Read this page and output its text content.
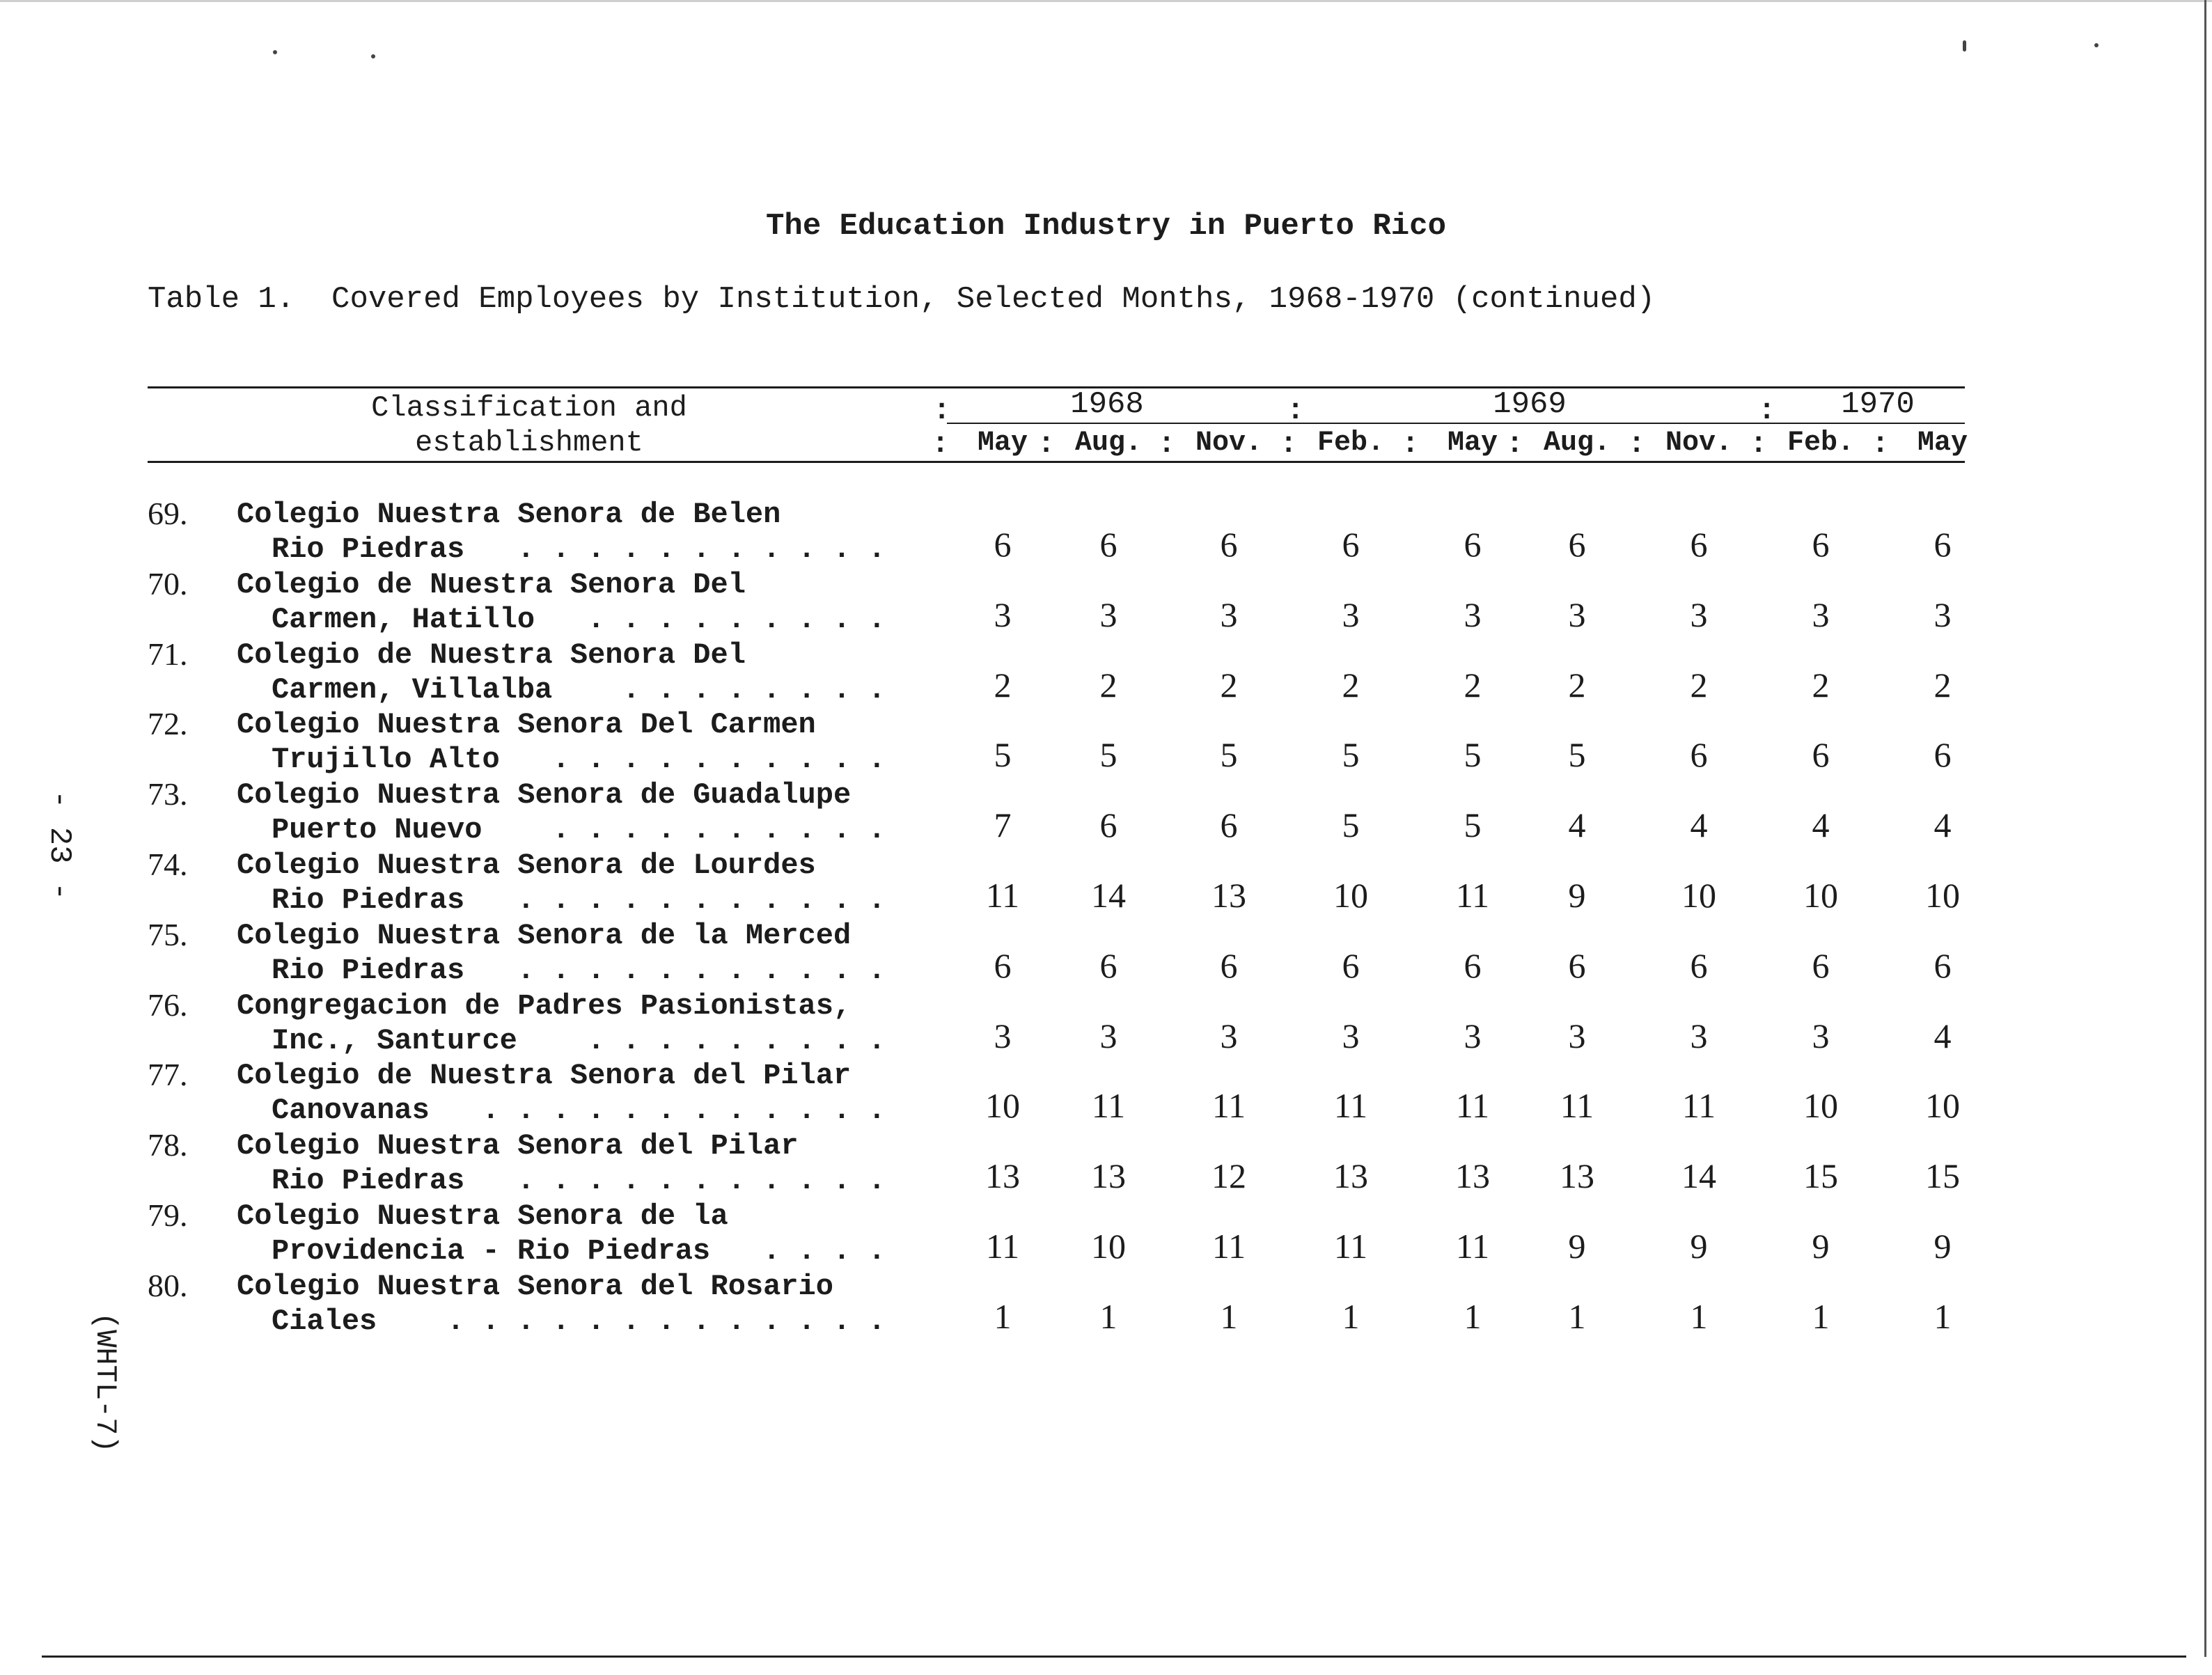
The Education Industry in Puerto Rico
Table 1.  Covered Employees by Institution, Selected Months, 1968-1970 (continued)
Classification and
establishment
:	:	:
1968	1969	1970
:	May : Aug. : Nov. : Feb. :	May : Aug. : Nov. : Feb. :	May
69. Colegio Nuestra Senora de Belen
Rio Piedras . . . . . . . . . . .	6	6	6	6	6	6	6	6	6
70. Colegio de Nuestra Senora Del
Carmen, Hatillo . . . . . . . . .	3	3	3	3	3	3	3	3	3
71. Colegio de Nuestra Senora Del
Carmen, Villalba . . . . . . . .	2	2	2	2	2	2	2	2	2
72. Colegio Nuestra Senora Del Carmen
Trujillo Alto . . . . . . . . . .	5	5	5	5	5	5	6	6	6
73. Colegio Nuestra Senora de Guadalupe
Puerto Nuevo . . . . . . . . . .	7	6	6	5	5	4	4	4	4
74. Colegio Nuestra Senora de Lourdes
Rio Piedras . . . . . . . . . . .	11	14	13	10	11	9	10	10	10
75. Colegio Nuestra Senora de la Merced
Rio Piedras . . . . . . . . . . .	6	6	6	6	6	6	6	6	6
76. Congregacion de Padres Pasionistas,
Inc., Santurce . . . . . . . . .	3	3	3	3	3	3	3	3	4
77. Colegio de Nuestra Senora del Pilar
Canovanas . . . . . . . . . . . .	10	11	11	11	11	11	11	10	10
78. Colegio Nuestra Senora del Pilar
Rio Piedras . . . . . . . . . . .	13	13	12	13	13	13	14	15	15
79. Colegio Nuestra Senora de la
Providencia - Rio Piedras . . . .	11	10	11	11	11	9	9	9	9
80. Colegio Nuestra Senora del Rosario
Ciales . . . . . . . . . . . . .	1	1	1	1	1	1	1	1	1
- 23 -
(WHTL-7)
